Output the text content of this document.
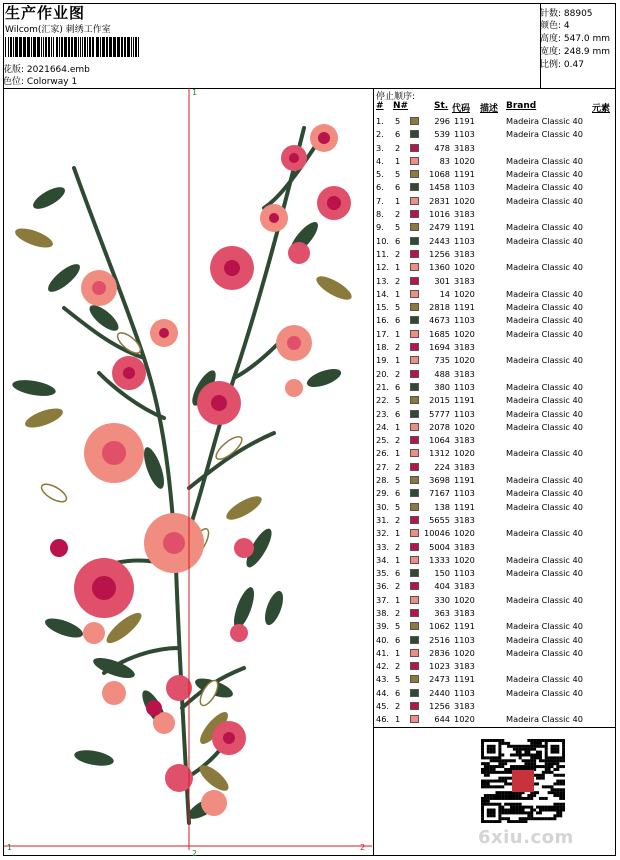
生产作业图
Wilcom(汇家) 刺绣工作室
花版: 2021664.emb
色位: Colorway 1
针数: 88905
颜色: 4
高度: 547.0 mm
宽度: 248.9 mm
比例: 0.47
1
1
2
2
停止顺序:
# N#	St. 代码 描述 Brand	元素
1. 5	296 1191	Madeira Classic 40
2. 6	539 1103	Madeira Classic 40
3. 2	478 3183
4. 1	83 1020	Madeira Classic 40
5. 5	1068 1191	Madeira Classic 40
6. 6	1458 1103	Madeira Classic 40
7. 1	2831 1020	Madeira Classic 40
8. 2	1016 3183
9. 5	2479 1191	Madeira Classic 40
10. 6	2443 1103	Madeira Classic 40
11. 2	1256 3183
12. 1	1360 1020	Madeira Classic 40
13. 2	301 3183
14. 1	14 1020	Madeira Classic 40
15. 5	2818 1191	Madeira Classic 40
16. 6	4673 1103	Madeira Classic 40
17. 1	1685 1020	Madeira Classic 40
18. 2	1694 3183
19. 1	735 1020	Madeira Classic 40
20. 2	488 3183
21. 6	380 1103	Madeira Classic 40
22. 5	2015 1191	Madeira Classic 40
23. 6	5777 1103	Madeira Classic 40
24. 1	2078 1020	Madeira Classic 40
25. 2	1064 3183
26. 1	1312 1020	Madeira Classic 40
27. 2	224 3183
28. 5	3698 1191	Madeira Classic 40
29. 6	7167 1103	Madeira Classic 40
30. 5	138 1191	Madeira Classic 40
31. 2	5655 3183
32. 1	10046 1020	Madeira Classic 40
33. 2	5004 3183
34. 1	1333 1020	Madeira Classic 40
35. 6	150 1103	Madeira Classic 40
36. 2	404 3183
37. 1	330 1020	Madeira Classic 40
38. 2	363 3183
39. 5	1062 1191	Madeira Classic 40
40. 6	2516 1103	Madeira Classic 40
41. 1	2836 1020	Madeira Classic 40
42. 2	1023 3183
43. 5	2473 1191	Madeira Classic 40
44. 6	2440 1103	Madeira Classic 40
45. 2	1256 3183
46. 1	644 1020	Madeira Classic 40
6xiu.com
